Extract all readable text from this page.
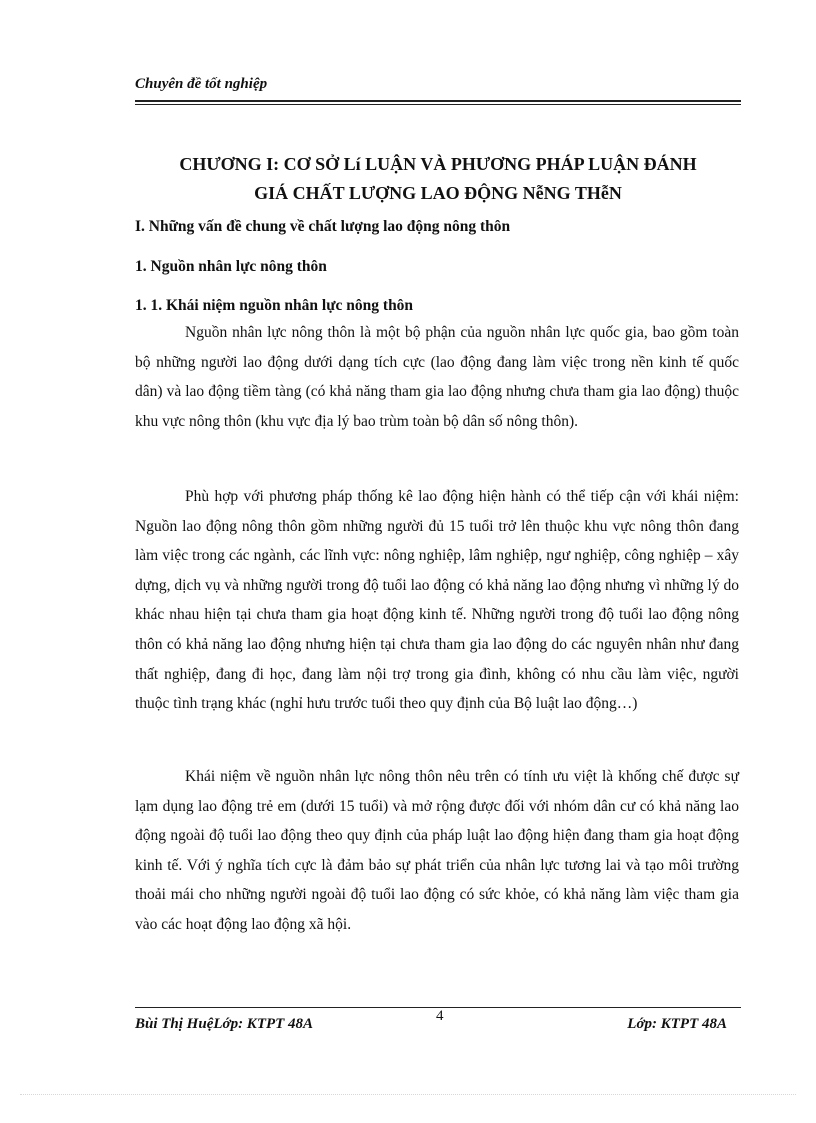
Chuyên đề tốt nghiệp
CHƯƠNG I: CƠ SỞ Lí LUẬN VÀ PHƯƠNG PHÁP LUẬN ĐÁNH
GIÁ CHẤT LƯỢNG LAO ĐỘNG NễNG THễN
I. Những vấn đề chung về chất lượng lao động nông thôn
1. Nguồn nhân lực nông thôn
1. 1. Khái niệm nguồn nhân lực nông thôn

Nguồn nhân lực nông thôn là một bộ phận của nguồn nhân lực quốc gia, bao gồm toàn bộ những người lao động dưới dạng tích cực (lao động đang làm việc trong nền kinh tế quốc dân) và lao động tiềm tàng (có khả năng tham gia lao động nhưng chưa tham gia lao động) thuộc khu vực nông thôn (khu vực địa lý bao trùm toàn bộ dân số nông thôn).

Phù hợp với phương pháp thống kê lao động hiện hành có thể tiếp cận với khái niệm: Nguồn lao động nông thôn gồm những người đủ 15 tuổi trở lên thuộc khu vực nông thôn đang làm việc trong các ngành, các lĩnh vực: nông nghiệp, lâm nghiệp, ngư nghiệp, công nghiệp – xây dựng, dịch vụ và những người trong độ tuổi lao động có khả năng lao động nhưng vì những lý do khác nhau hiện tại chưa tham gia hoạt động kinh tế. Những người trong độ tuổi lao động nông thôn có khả năng lao động nhưng hiện tại chưa tham gia lao động do các nguyên nhân như đang thất nghiệp, đang đi học, đang làm nội trợ trong gia đình, không có nhu cầu làm việc, người thuộc tình trạng khác (nghỉ hưu trước tuổi theo quy định của Bộ luật lao động…)

Khái niệm về nguồn nhân lực nông thôn nêu trên có tính ưu việt là khống chế được sự lạm dụng lao động trẻ em (dưới 15 tuổi) và mở rộng được đối với nhóm dân cư có khả năng lao động ngoài độ tuổi lao động theo quy định của pháp luật lao động hiện đang tham gia hoạt động kinh tế. Với ý nghĩa tích cực là đảm bảo sự phát triển của nhân lực tương lai và tạo môi trường thoải mái cho những người ngoài độ tuổi lao động có sức khỏe, có khả năng làm việc tham gia vào các hoạt động lao động xã hội.

Bùi Thị HuệLớp: KTPT 48A	4	Lớp: KTPT 48A
